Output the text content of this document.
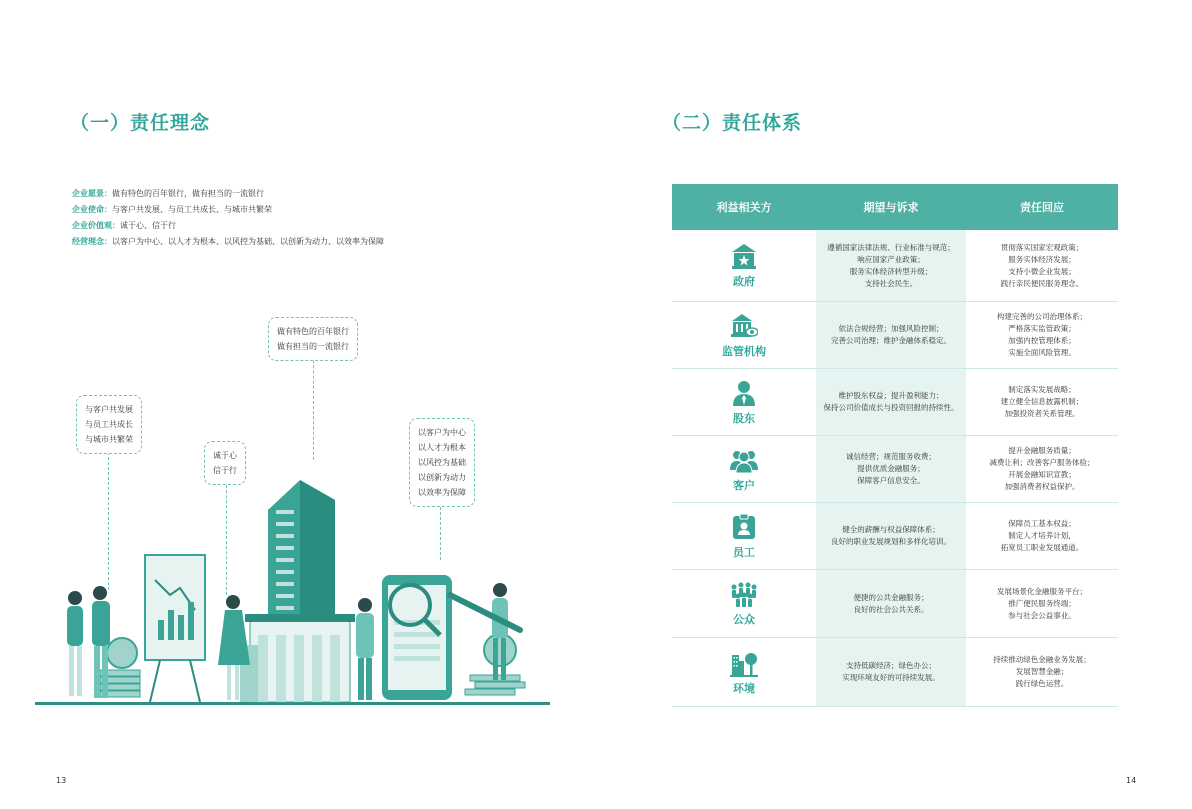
（一）责任理念
企业愿景：做有特色的百年银行，做有担当的一流银行
企业使命：与客户共发展、与员工共成长、与城市共繁荣
企业价值观：诚于心、信于行
经营理念：以客户为中心、以人才为根本、以风控为基础、以创新为动力、以效率为保障
做有特色的百年银行
做有担当的一流银行
与客户共发展
与员工共成长
与城市共繁荣
诚于心
信于行
以客户为中心
以人才为根本
以风控为基础
以创新为动力
以效率为保障
13
（二）责任体系
利益相关方	期望与诉求	责任回应
政府
遵循国家法律法规、行业标准与规范；
响应国家产业政策；
服务实体经济转型升级；
支持社会民生。
贯彻落实国家宏观政策；
服务实体经济发展；
支持小微企业发展；
践行亲民便民服务理念。
监管机构
依法合规经营；加强风险控制；
完善公司治理；维护金融体系稳定。
构建完善的公司治理体系；
严格落实监管政策；
加强内控管理体系；
实施全面风险管理。
股东
维护股东权益；提升盈利能力；
保持公司价值成长与投资回报的持续性。
制定落实发展战略；
建立健全信息披露机制；
加强投资者关系管理。
客户
诚信经营；规范服务收费；
提供优质金融服务；
保障客户信息安全。
提升金融服务质量；
减费让利；改善客户服务体验；
开展金融知识宣教；
加强消费者权益保护。
员工
健全的薪酬与权益保障体系；
良好的职业发展规划和多样化培训。
保障员工基本权益；
制定人才培养计划，
拓宽员工职业发展通道。
公众
便捷的公共金融服务；
良好的社会公共关系。
发展场景化金融服务平台；
推广便民服务终端；
参与社会公益事业。
环境
支持低碳经济；绿色办公；
实现环境友好的可持续发展。
持续推动绿色金融业务发展；
发展智慧金融；
践行绿色运营。
14
